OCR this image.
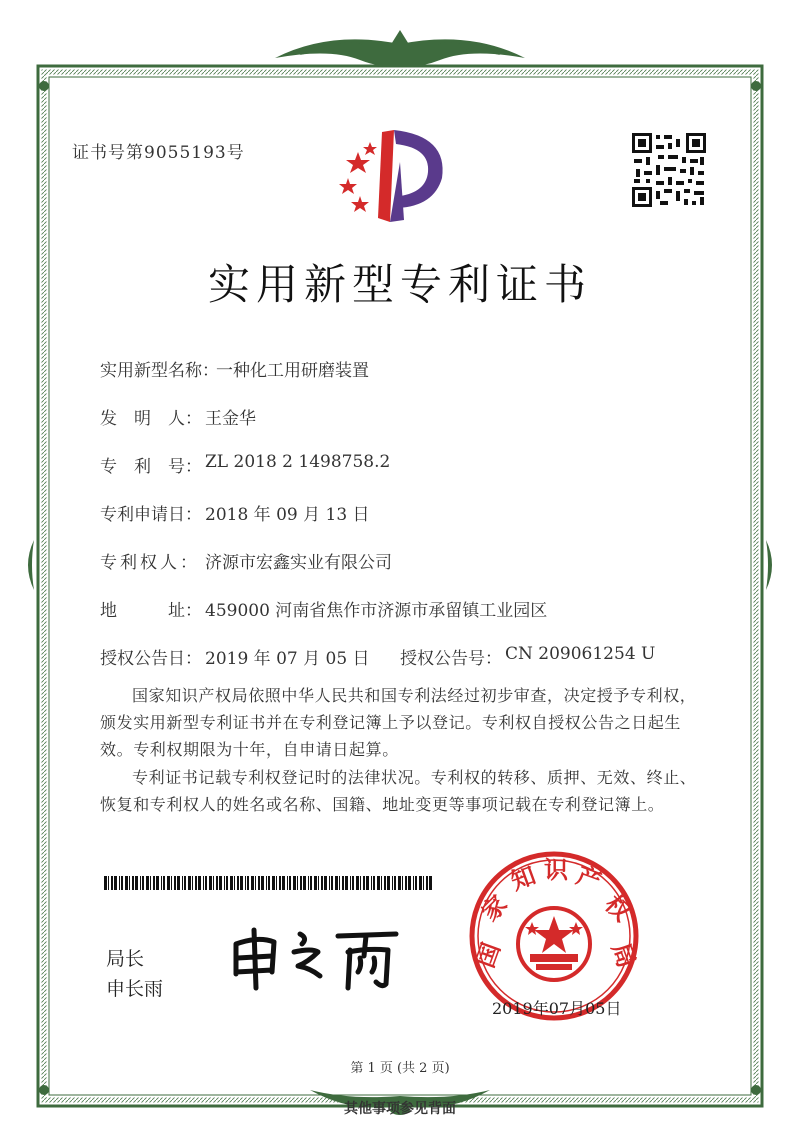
证书号第9055193号
实用新型专利证书
实用新型名称：
一种化工用研磨装置
发　明　人： 王金华
专　利　号： ZL 2018 2 1498758.2
专利申请日： 2018 年 09 月 13 日
专利权人： 济源市宏鑫实业有限公司
地　　　址： 459000 河南省焦作市济源市承留镇工业园区
授权公告日： 2019 年 07 月 05 日 授权公告号： CN 209061254 U
国家知识产权局依照中华人民共和国专利法经过初步审查，决定授予专利权，颁发实用新型专利证书并在专利登记簿上予以登记。专利权自授权公告之日起生效。专利权期限为十年，自申请日起算。
专利证书记载专利权登记时的法律状况。专利权的转移、质押、无效、终止、恢复和专利权人的姓名或名称、国籍、地址变更等事项记载在专利登记簿上。
局长
申长雨
国
家
知 识 产
权
局
2019年07月05日
第 1 页 (共 2 页)
其他事项参见背面
